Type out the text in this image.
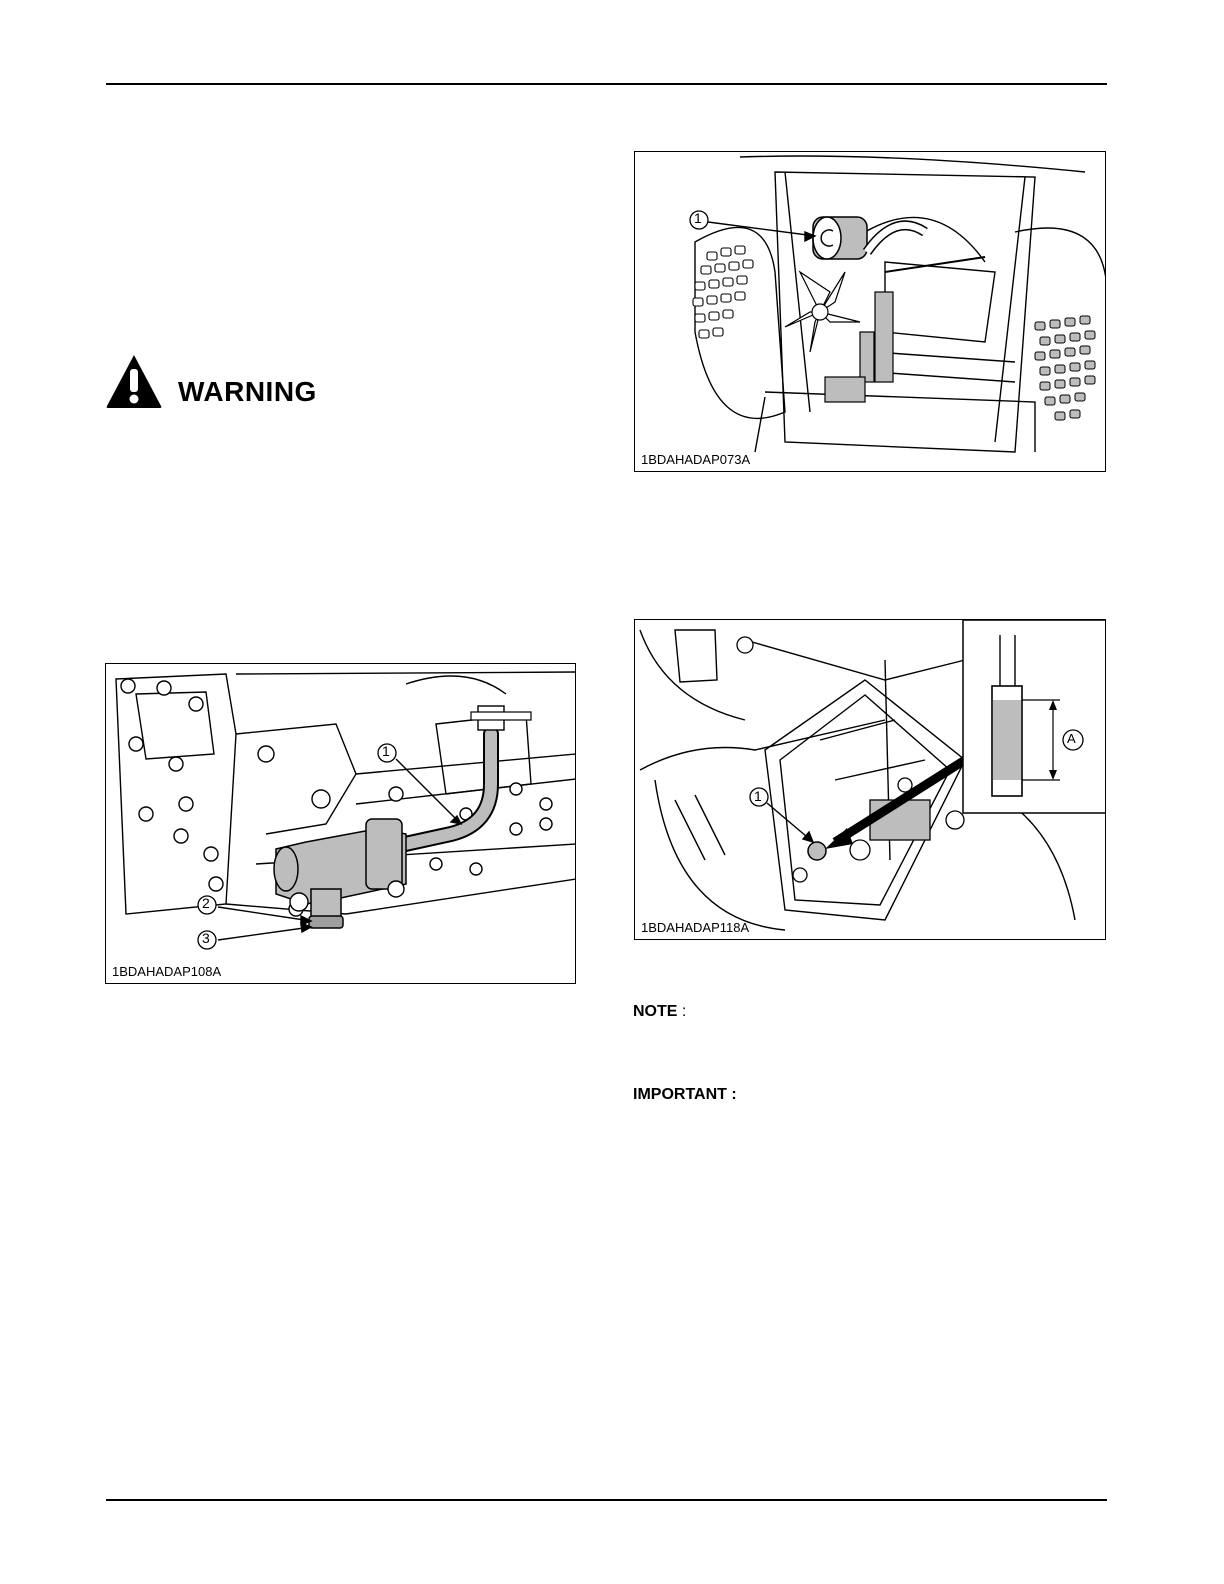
WARNING
1
2
3
1BDAHADAP108A
1
1BDAHADAP073A
1
A
1BDAHADAP118A
NOTE :
IMPORTANT :
